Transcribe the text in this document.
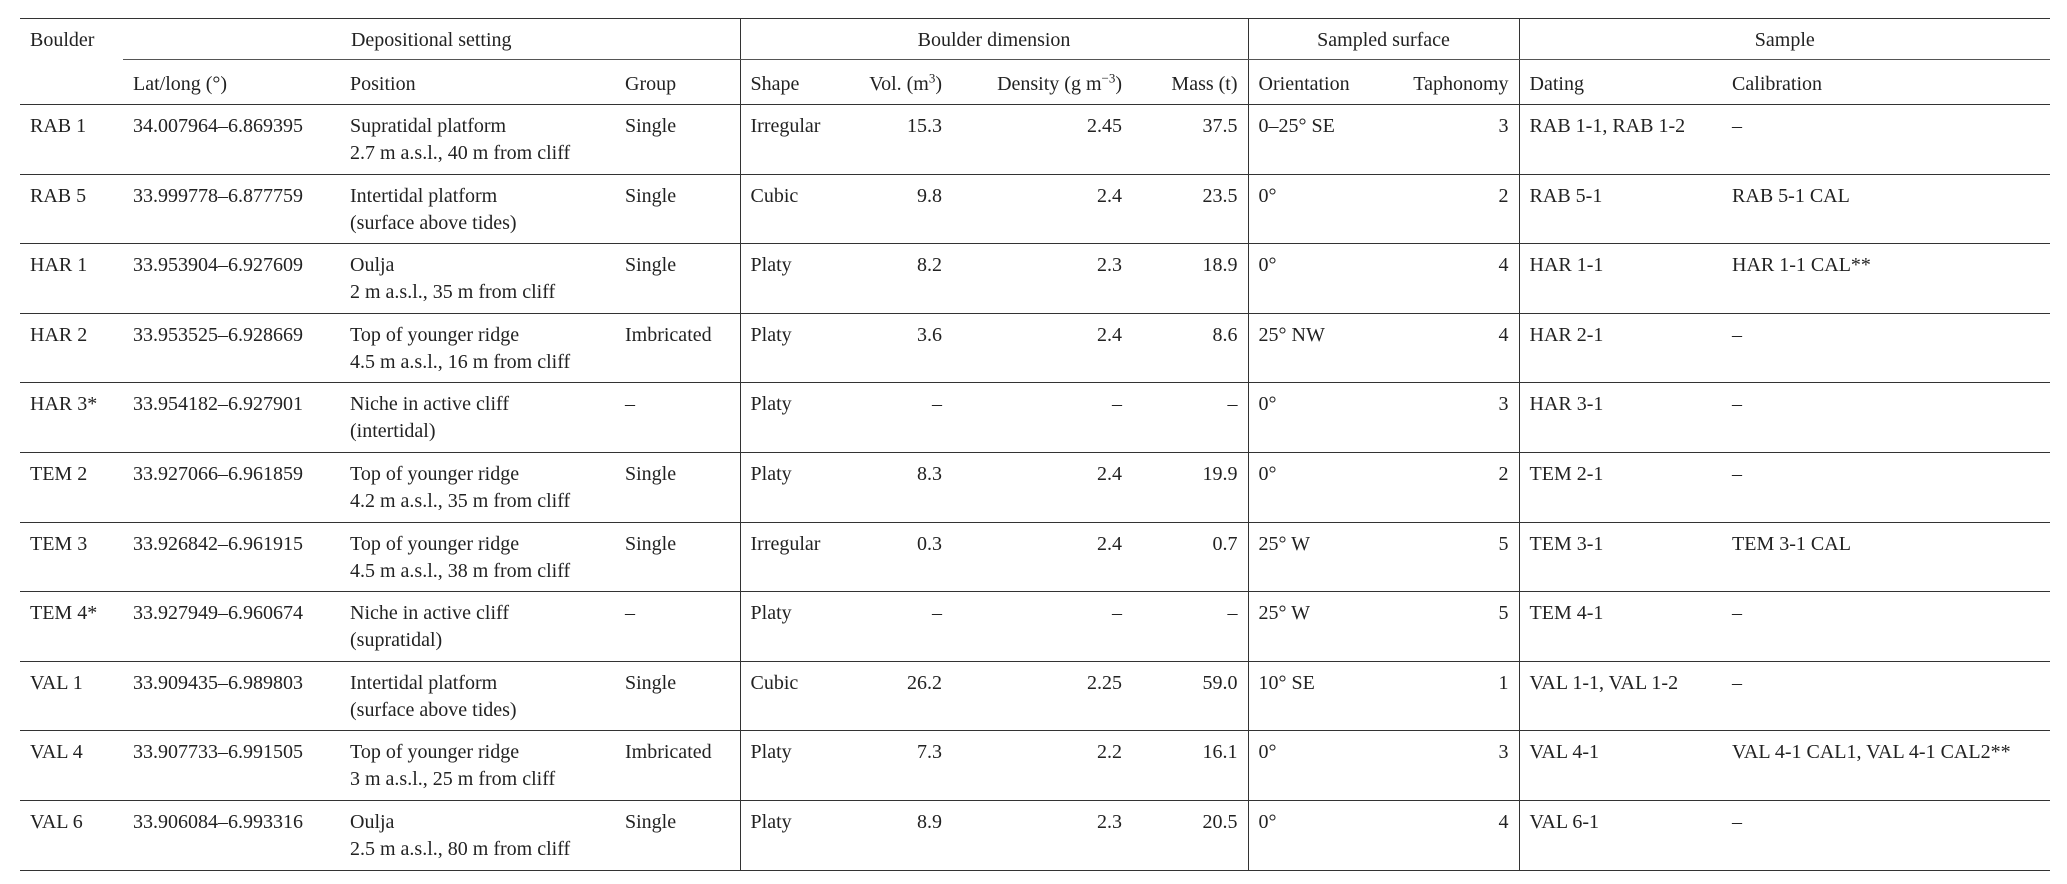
Boulder	Depositional setting			Boulder dimension				Sampled surface		Sample	
	Lat/long (°)	Position	Group	Shape	Vol. $(m^3)$	Density (g $m^{-3}$)	Mass (t)	Orientation	Taphonomy	Dating	Calibration
RAB 1	34.007964–6.869395	Supratidal platform
2.7 m a.s.l., 40 m from cliff	Single	Irregular	15.3	2.45	37.5	0–25° SE	3	RAB 1-1, RAB 1-2	–
RAB 5	33.999778–6.877759	Intertidal platform
(surface above tides)	Single	Cubic	9.8	2.4	23.5	0°	2	RAB 5-1	RAB 5-1 CAL
HAR 1	33.953904–6.927609	Oulja
2 m a.s.l., 35 m from cliff	Single	Platy	8.2	2.3	18.9	0°	4	HAR 1-1	HAR 1-1 CAL**
HAR 2	33.953525–6.928669	Top of younger ridge
4.5 m a.s.l., 16 m from cliff	Imbricated	Platy	3.6	2.4	8.6	25° NW	4	HAR 2-1	–
HAR 3*	33.954182–6.927901	Niche in active cliff
(intertidal)	–	Platy	–	–	–	0°	3	HAR 3-1	–
TEM 2	33.927066–6.961859	Top of younger ridge
4.2 m a.s.l., 35 m from cliff	Single	Platy	8.3	2.4	19.9	0°	2	TEM 2-1	–
TEM 3	33.926842–6.961915	Top of younger ridge
4.5 m a.s.l., 38 m from cliff	Single	Irregular	0.3	2.4	0.7	25° W	5	TEM 3-1	TEM 3-1 CAL
TEM 4*	33.927949–6.960674	Niche in active cliff
(supratidal)	–	Platy	–	–	–	25° W	5	TEM 4-1	–
VAL 1	33.909435–6.989803	Intertidal platform
(surface above tides)	Single	Cubic	26.2	2.25	59.0	10° SE	1	VAL 1-1, VAL 1-2	–
VAL 4	33.907733–6.991505	Top of younger ridge
3 m a.s.l., 25 m from cliff	Imbricated	Platy	7.3	2.2	16.1	0°	3	VAL 4-1	VAL 4-1 CAL1, VAL 4-1 CAL2**
VAL 6	33.906084–6.993316	Oulja
2.5 m a.s.l., 80 m from cliff	Single	Platy	8.9	2.3	20.5	0°	4	VAL 6-1	–
